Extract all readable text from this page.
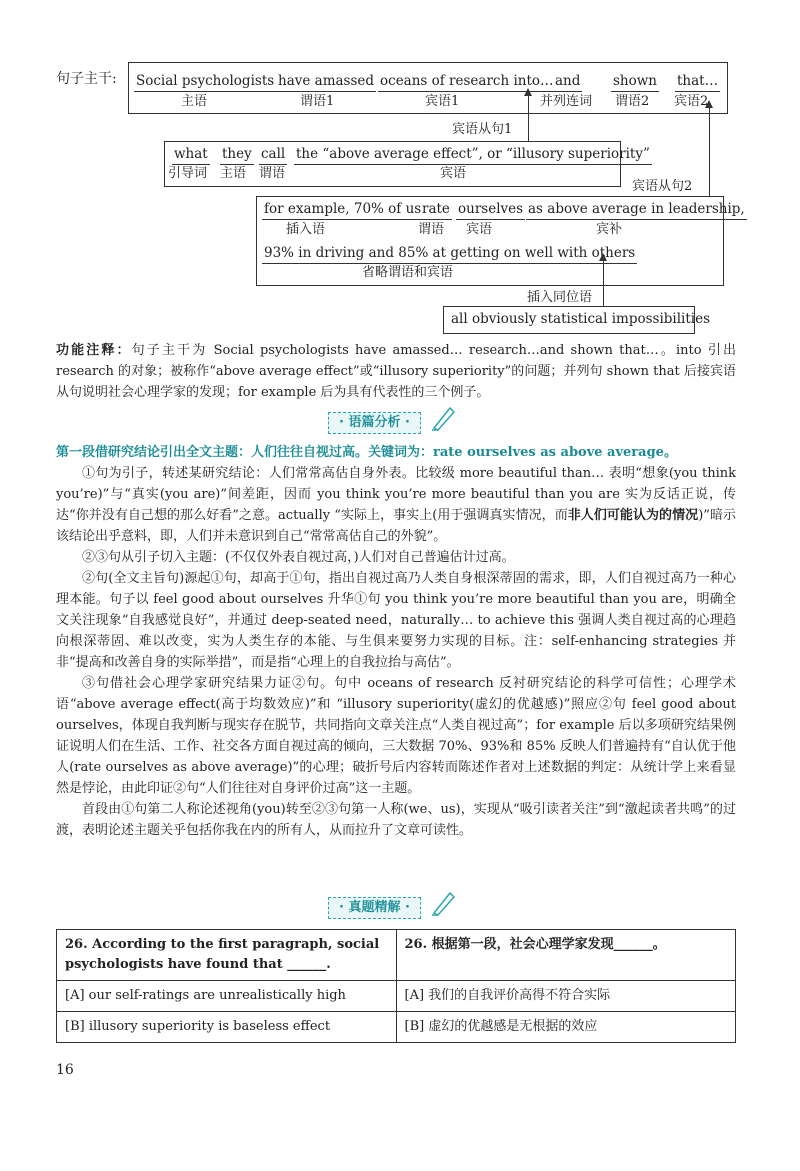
句子主干: Social psychologists
主语
have amassed
谓语1
oceans of research into…
宾语1
and
并列连词
shown
谓语2
that…
宾语2
宾语从句1
what
引导词
they
主语
call
谓语
the “above average effect”, or “illusory superiority”
宾语
宾语从句2
for example, 70% of us
插入语
rate
谓语
ourselves
宾语
as above average in leadership,
宾补
93% in driving and 85% at getting on well with others
省略谓语和宾语
插入同位语
all obviously statistical impossibilities

功能注释：句子主干为 Social psychologists have amassed… research…and shown that…。into 引出 research 的对象；被称作“above average effect”或“illusory superiority”的问题；并列句 shown that 后接宾语从句说明社会心理学家的发现；for example 后为具有代表性的三个例子。

· 语篇分析 ·

第一段借研究结论引出全文主题：人们往往自视过高。关键词为：rate ourselves as above average。

①句为引子，转述某研究结论：人们常常高估自身外表。比较级 more beautiful than… 表明“想象(you think you’re)”与“真实(you are)”间差距，因而 you think you’re more beautiful than you are 实为反话正说，传达“你并没有自己想的那么好看”之意。actually “实际上，事实上(用于强调真实情况，而非人们可能认为的情况)”暗示该结论出乎意料，即，人们并未意识到自己“常常高估自己的外貌”。

②③句从引子切入主题：(不仅仅外表自视过高，)人们对自己普遍估计过高。

②句(全文主旨句)源起①句，却高于①句，指出自视过高乃人类自身根深蒂固的需求，即，人们自视过高乃一种心理本能。句子以 feel good about ourselves 升华①句 you think you’re more beautiful than you are，明确全文关注现象“自我感觉良好”，并通过 deep-seated need，naturally… to achieve this 强调人类自视过高的心理趋向根深蒂固、难以改变，实为人类生存的本能、与生俱来要努力实现的目标。注：self-enhancing strategies 并非“提高和改善自身的实际举措”，而是指“心理上的自我拉抬与高估”。

③句借社会心理学家研究结果力证②句。句中 oceans of research 反衬研究结论的科学可信性；心理学术语“above average effect(高于均数效应)”和 “illusory superiority(虚幻的优越感)”照应②句 feel good about ourselves，体现自我判断与现实存在脱节，共同指向文章关注点“人类自视过高”；for example 后以多项研究结果例证说明人们在生活、工作、社交各方面自视过高的倾向，三大数据 70%、93%和 85% 反映人们普遍持有“自认优于他人(rate ourselves as above average)”的心理；破折号后内容转而陈述作者对上述数据的判定：从统计学上来看显然是悖论，由此印证②句“人们往往对自身评价过高”这一主题。

首段由①句第二人称论述视角(you)转至②③句第一人称(we、us)，实现从“吸引读者关注”到“激起读者共鸣”的过渡，表明论述主题关乎包括你我在内的所有人，从而拉升了文章可读性。

· 真题精解 ·
26. According to the first paragraph, social psychologists have found that ______.	26. 根据第一段，社会心理学家发现______。
[A] our self-ratings are unrealistically high	[A] 我们的自我评价高得不符合实际
[B] illusory superiority is baseless effect	[B] 虚幻的优越感是无根据的效应
16
